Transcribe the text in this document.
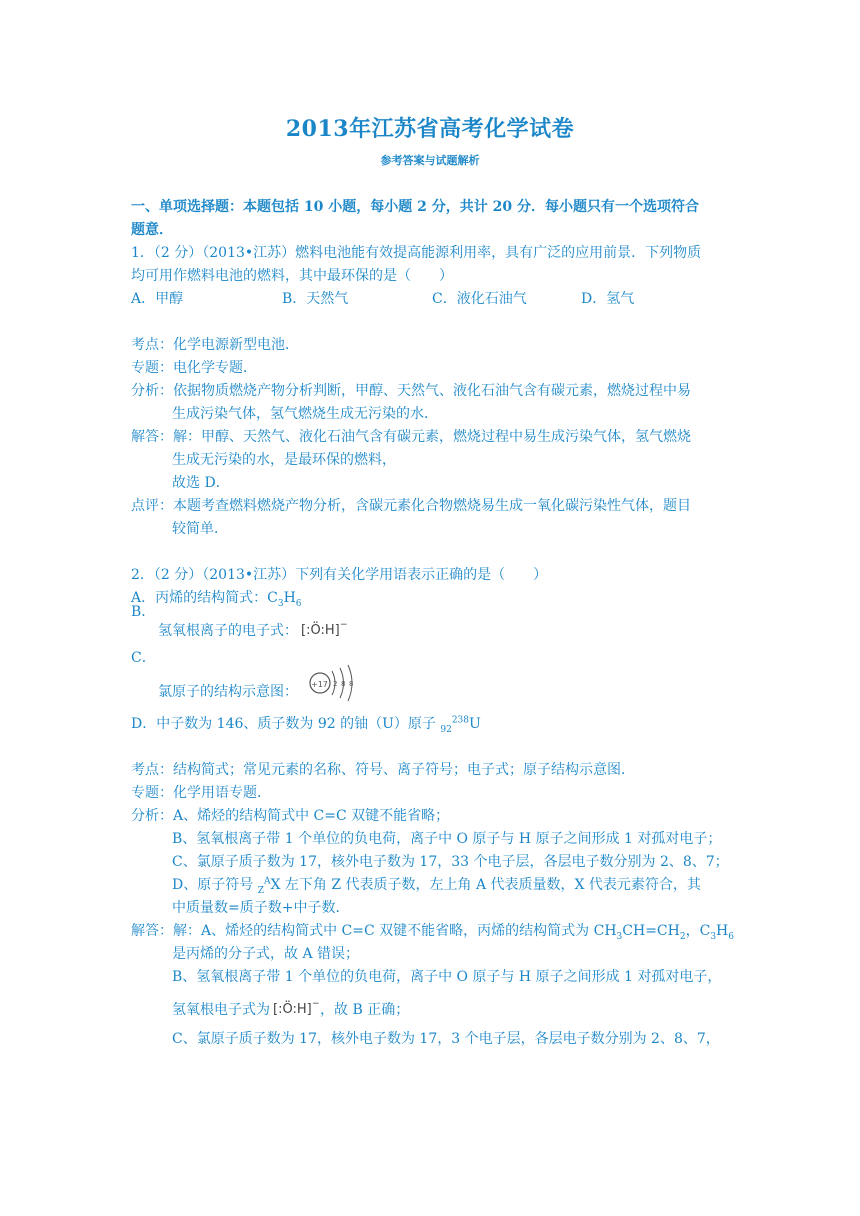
2013年江苏省高考化学试卷
参考答案与试题解析
一、单项选择题：本题包括 10 小题，每小题 2 分，共计 20 分．每小题只有一个选项符合
题意．
1．（2 分）（2013•江苏）燃料电池能有效提高能源利用率，具有广泛的应用前景．下列物质
均可用作燃料电池的燃料，其中最环保的是（　　）
A．甲醇	B．天然气	C．液化石油气	D．氢气
考点：化学电源新型电池．
专题：电化学专题．
分析：依据物质燃烧产物分析判断，甲醇、天然气、液化石油气含有碳元素，燃烧过程中易
生成污染气体，氢气燃烧生成无污染的水．
解答：解：甲醇、天然气、液化石油气含有碳元素，燃烧过程中易生成污染气体，氢气燃烧
生成无污染的水，是最环保的燃料，
故选 D．
点评：本题考查燃料燃烧产物分析，含碳元素化合物燃烧易生成一氧化碳污染性气体，题目
较简单．
2．（2 分）（2013•江苏）下列有关化学用语表示正确的是（　　）
A．丙烯的结构简式：$C_3H_6$
B．
氢氧根离子的电子式： [:Ö:H] −
C．
氯原子的结构示意图： +17 2 8 8
D．中子数为 146、质子数为 92 的铀（U）原子 $_{92}^{238}$U
考点：结构简式；常见元素的名称、符号、离子符号；电子式；原子结构示意图．
专题：化学用语专题．
分析：A、烯烃的结构简式中 C=C 双键不能省略；
B、氢氧根离子带 1 个单位的负电荷，离子中 O 原子与 H 原子之间形成 1 对孤对电子；
C、氯原子质子数为 17，核外电子数为 17，33 个电子层，各层电子数分别为 2、8、7；
D、原子符号 $_Z^A$X 左下角 Z 代表质子数，左上角 A 代表质量数，X 代表元素符合，其
中质量数=质子数+中子数．
解答：解：A、烯烃的结构简式中 C=C 双键不能省略，丙烯的结构简式为 $CH_3CH=CH_2$，$C_3H_6$
是丙烯的分子式，故 A 错误；
B、氢氧根离子带 1 个单位的负电荷，离子中 O 原子与 H 原子之间形成 1 对孤对电子，
氢氧根电子式为 [:Ö:H] − ，故 B 正确；
C、氯原子质子数为 17，核外电子数为 17，3 个电子层，各层电子数分别为 2、8、7，
